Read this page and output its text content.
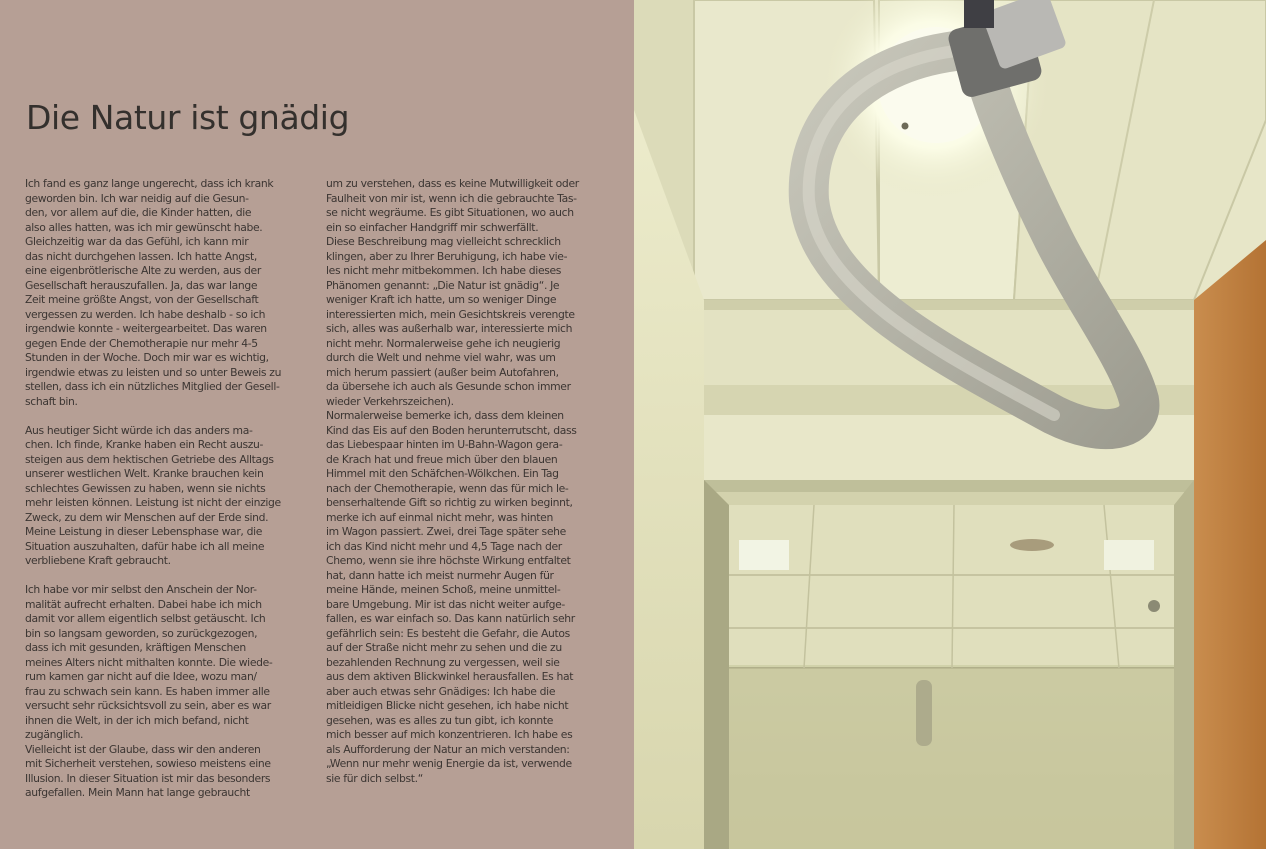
Die Natur ist gnädig
Ich fand es ganz lange ungerecht, dass ich krank
geworden bin. Ich war neidig auf die Gesun-
den, vor allem auf die, die Kinder hatten, die
also alles hatten, was ich mir gewünscht habe.
Gleichzeitig war da das Gefühl, ich kann mir
das nicht durchgehen lassen. Ich hatte Angst,
eine eigenbrötlerische Alte zu werden, aus der
Gesellschaft herauszufallen. Ja, das war lange
Zeit meine größte Angst, von der Gesellschaft
vergessen zu werden. Ich habe deshalb - so ich
irgendwie konnte - weitergearbeitet. Das waren
gegen Ende der Chemotherapie nur mehr 4-5
Stunden in der Woche. Doch mir war es wichtig,
irgendwie etwas zu leisten und so unter Beweis zu
stellen, dass ich ein nützliches Mitglied der Gesell-
schaft bin.
Aus heutiger Sicht würde ich das anders ma-
chen. Ich finde, Kranke haben ein Recht auszu-
steigen aus dem hektischen Getriebe des Alltags
unserer westlichen Welt. Kranke brauchen kein
schlechtes Gewissen zu haben, wenn sie nichts
mehr leisten können. Leistung ist nicht der einzige
Zweck, zu dem wir Menschen auf der Erde sind.
Meine Leistung in dieser Lebensphase war, die
Situation auszuhalten, dafür habe ich all meine
verbliebene Kraft gebraucht.
Ich habe vor mir selbst den Anschein der Nor-
malität aufrecht erhalten. Dabei habe ich mich
damit vor allem eigentlich selbst getäuscht. Ich
bin so langsam geworden, so zurückgezogen,
dass ich mit gesunden, kräftigen Menschen
meines Alters nicht mithalten konnte. Die wiede-
rum kamen gar nicht auf die Idee, wozu man/
frau zu schwach sein kann. Es haben immer alle
versucht sehr rücksichtsvoll zu sein, aber es war
ihnen die Welt, in der ich mich befand, nicht
zugänglich.
Vielleicht ist der Glaube, dass wir den anderen
mit Sicherheit verstehen, sowieso meistens eine
Illusion. In dieser Situation ist mir das besonders
aufgefallen. Mein Mann hat lange gebraucht
um zu verstehen, dass es keine Mutwilligkeit oder
Faulheit von mir ist, wenn ich die gebrauchte Tas-
se nicht wegräume. Es gibt Situationen, wo auch
ein so einfacher Handgriff mir schwerfällt.
Diese Beschreibung mag vielleicht schrecklich
klingen, aber zu Ihrer Beruhigung, ich habe vie-
les nicht mehr mitbekommen. Ich habe dieses
Phänomen genannt: „Die Natur ist gnädig“. Je
weniger Kraft ich hatte, um so weniger Dinge
interessierten mich, mein Gesichtskreis verengte
sich, alles was außerhalb war, interessierte mich
nicht mehr. Normalerweise gehe ich neugierig
durch die Welt und nehme viel wahr, was um
mich herum passiert (außer beim Autofahren,
da übersehe ich auch als Gesunde schon immer
wieder Verkehrszeichen).
Normalerweise bemerke ich, dass dem kleinen
Kind das Eis auf den Boden herunterrutscht, dass
das Liebespaar hinten im U-Bahn-Wagon gera-
de Krach hat und freue mich über den blauen
Himmel mit den Schäfchen-Wölkchen. Ein Tag
nach der Chemotherapie, wenn das für mich le-
benserhaltende Gift so richtig zu wirken beginnt,
merke ich auf einmal nicht mehr, was hinten
im Wagon passiert. Zwei, drei Tage später sehe
ich das Kind nicht mehr und 4,5 Tage nach der
Chemo, wenn sie ihre höchste Wirkung entfaltet
hat, dann hatte ich meist nurmehr Augen für
meine Hände, meinen Schoß, meine unmittel-
bare Umgebung. Mir ist das nicht weiter aufge-
fallen, es war einfach so. Das kann natürlich sehr
gefährlich sein: Es besteht die Gefahr, die Autos
auf der Straße nicht mehr zu sehen und die zu
bezahlenden Rechnung zu vergessen, weil sie
aus dem aktiven Blickwinkel herausfallen. Es hat
aber auch etwas sehr Gnädiges: Ich habe die
mitleidigen Blicke nicht gesehen, ich habe nicht
gesehen, was es alles zu tun gibt, ich konnte
mich besser auf mich konzentrieren. Ich habe es
als Aufforderung der Natur an mich verstanden:
„Wenn nur mehr wenig Energie da ist, verwende
sie für dich selbst.“
